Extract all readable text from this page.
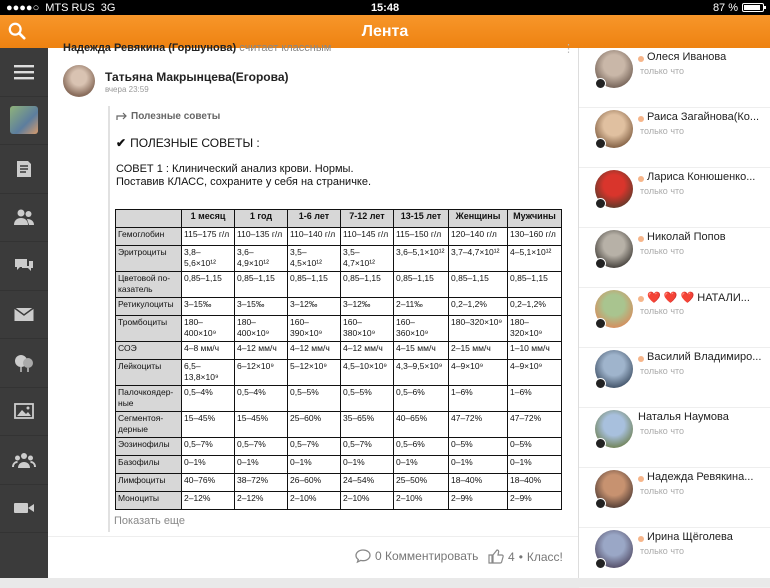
●●●●○ MTS RUS 3G	15:48	87 %
Лента
Надежда Ревякина (Горшунова) считает классным	⋮
Татьяна Макрынцева(Егорова)
вчера 23:59
Полезные советы
✔ ПОЛЕЗНЫЕ СОВЕТЫ :
СОВЕТ 1 : Клинический анализ крови. Нормы.
Поставив КЛАСС, сохраните у себя на страничке.
	1 месяц	1 год	1-6 лет	7-12 лет	13-15 лет	Женщины	Мужчины
Гемоглобин	115–175 г/л	110–135 г/л	110–140 г/л	110–145 г/л	115–150 г/л	120–140 г/л	130–160 г/л
Эритроциты	3,8–5,6×10¹²	3,6–4,9×10¹²	3,5–4,5×10¹²	3,5–4,7×10¹²	3,6–5,1×10¹²	3,7–4,7×10¹²	4–5,1×10¹²
Цветовой по-казатель	0,85–1,15	0,85–1,15	0,85–1,15	0,85–1,15	0,85–1,15	0,85–1,15	0,85–1,15
Ретикулоциты	3–15‰	3–15‰	3–12‰	3–12‰	2–11‰	0,2–1,2%	0,2–1,2%
Тромбоциты	180–400×10⁹	180–400×10⁹	160–390×10⁹	160–380×10⁹	160–360×10⁹	180–320×10⁹	180–320×10⁹
СОЭ	4–8 мм/ч	4–12 мм/ч	4–12 мм/ч	4–12 мм/ч	4–15 мм/ч	2–15 мм/ч	1–10 мм/ч
Лейкоциты	6,5–13,8×10⁹	6–12×10⁹	5–12×10⁹	4,5–10×10⁹	4,3–9,5×10⁹	4–9×10⁹	4–9×10⁹
Палочкоядер-ные	0,5–4%	0,5–4%	0,5–5%	0,5–5%	0,5–6%	1–6%	1–6%
Сегментоя-дерные	15–45%	15–45%	25–60%	35–65%	40–65%	47–72%	47–72%
Эозинофилы	0,5–7%	0,5–7%	0,5–7%	0,5–7%	0,5–6%	0–5%	0–5%
Базофилы	0–1%	0–1%	0–1%	0–1%	0–1%	0–1%	0–1%
Лимфоциты	40–76%	38–72%	26–60%	24–54%	25–50%	18–40%	18–40%
Моноциты	2–12%	2–12%	2–10%	2–10%	2–10%	2–9%	2–9%
Показать еще
0 Комментировать 4 • Класс!
Олеся Иванова
только что
Раиса Загайнова(Ко...
только что
Лариса Конюшенко...
только что
Николай Попов
только что
❤️ ❤️ ❤️ НАТАЛИ...
только что
Василий Владимиро...
только что
Наталья Наумова
только что
Надежда Ревякина...
только что
Ирина Щёголева
только что
